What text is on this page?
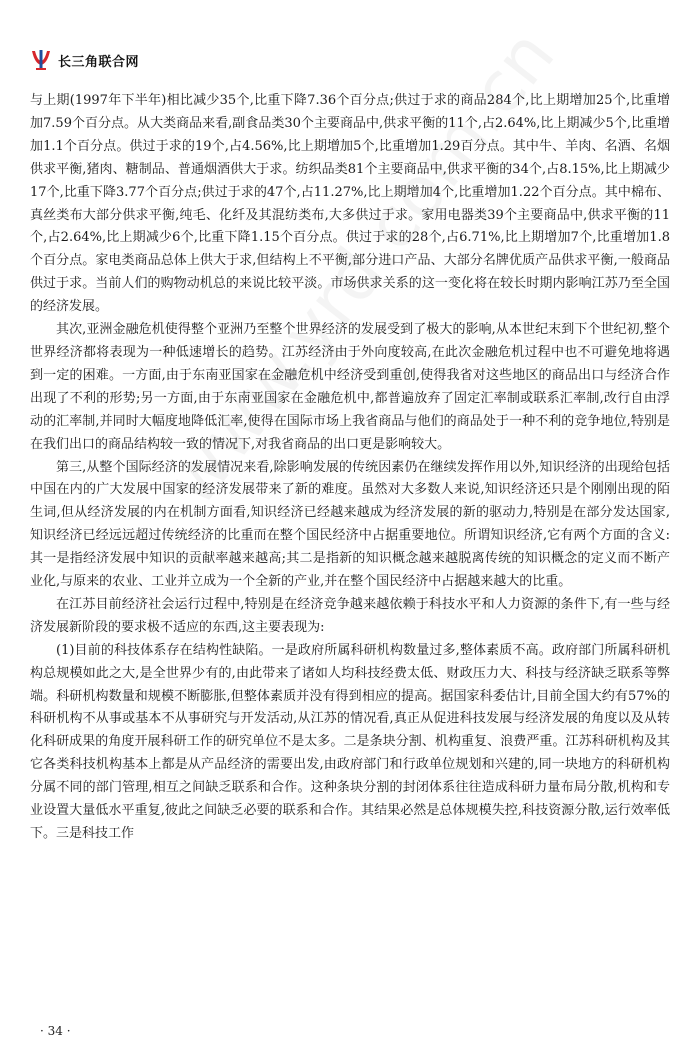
长三角联合网

与上期(1997年下半年)相比减少35个,比重下降7.36个百分点;供过于求的商品284个,比上期增加25个,比重增加7.59个百分点。从大类商品来看,副食品类30个主要商品中,供求平衡的11个,占2.64%,比上期减少5个,比重增加1.1个百分点。供过于求的19个,占4.56%,比上期增加5个,比重增加1.29百分点。其中牛、羊肉、名酒、名烟供求平衡,猪肉、糖制品、普通烟酒供大于求。纺织品类81个主要商品中,供求平衡的34个,占8.15%,比上期减少17个,比重下降3.77个百分点;供过于求的47个,占11.27%,比上期增加4个,比重增加1.22个百分点。其中棉布、真丝类布大部分供求平衡,纯毛、化纤及其混纺类布,大多供过于求。家用电器类39个主要商品中,供求平衡的11个,占2.64%,比上期减少6个,比重下降1.15个百分点。供过于求的28个,占6.71%,比上期增加7个,比重增加1.8个百分点。家电类商品总体上供大于求,但结构上不平衡,部分进口产品、大部分名牌优质产品供求平衡,一般商品供过于求。当前人们的购物动机总的来说比较平淡。市场供求关系的这一变化将在较长时期内影响江苏乃至全国的经济发展。

其次,亚洲金融危机使得整个亚洲乃至整个世界经济的发展受到了极大的影响,从本世纪末到下个世纪初,整个世界经济都将表现为一种低速增长的趋势。江苏经济由于外向度较高,在此次金融危机过程中也不可避免地将遇到一定的困难。一方面,由于东南亚国家在金融危机中经济受到重创,使得我省对这些地区的商品出口与经济合作出现了不利的形势;另一方面,由于东南亚国家在金融危机中,都普遍放弃了固定汇率制或联系汇率制,改行自由浮动的汇率制,并同时大幅度地降低汇率,使得在国际市场上我省商品与他们的商品处于一种不利的竞争地位,特别是在我们出口的商品结构较一致的情况下,对我省商品的出口更是影响较大。

第三,从整个国际经济的发展情况来看,除影响发展的传统因素仍在继续发挥作用以外,知识经济的出现给包括中国在内的广大发展中国家的经济发展带来了新的难度。虽然对大多数人来说,知识经济还只是个刚刚出现的陌生词,但从经济发展的内在机制方面看,知识经济已经越来越成为经济发展的新的驱动力,特别是在部分发达国家,知识经济已经远远超过传统经济的比重而在整个国民经济中占据重要地位。所谓知识经济,它有两个方面的含义:其一是指经济发展中知识的贡献率越来越高;其二是指新的知识概念越来越脱离传统的知识概念的定义而不断产业化,与原来的农业、工业并立成为一个全新的产业,并在整个国民经济中占据越来越大的比重。

在江苏目前经济社会运行过程中,特别是在经济竞争越来越依赖于科技水平和人力资源的条件下,有一些与经济发展新阶段的要求极不适应的东西,这主要表现为:

(1)目前的科技体系存在结构性缺陷。一是政府所属科研机构数量过多,整体素质不高。政府部门所属科研机构总规模如此之大,是全世界少有的,由此带来了诸如人均科技经费太低、财政压力大、科技与经济缺乏联系等弊端。科研机构数量和规模不断膨胀,但整体素质并没有得到相应的提高。据国家科委估计,目前全国大约有57%的科研机构不从事或基本不从事研究与开发活动,从江苏的情况看,真正从促进科技发展与经济发展的角度以及从转化科研成果的角度开展科研工作的研究单位不是太多。二是条块分割、机构重复、浪费严重。江苏科研机构及其它各类科技机构基本上都是从产品经济的需要出发,由政府部门和行政单位规划和兴建的,同一块地方的科研机构分属不同的部门管理,相互之间缺乏联系和合作。这种条块分割的封闭体系往往造成科研力量布局分散,机构和专业设置大量低水平重复,彼此之间缺乏必要的联系和合作。其结果必然是总体规模失控,科技资源分散,运行效率低下。三是科技工作

· 34 ·
